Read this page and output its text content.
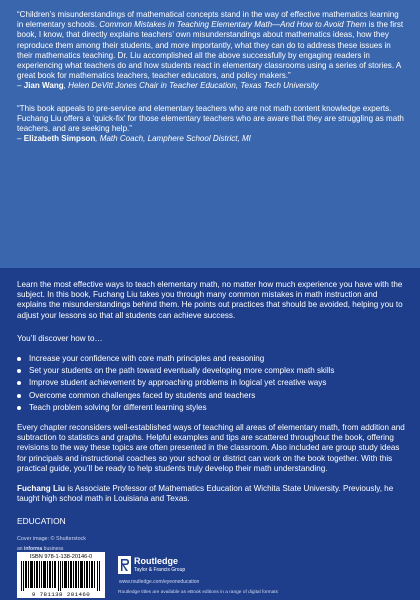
“Children’s misunderstandings of mathematical concepts stand in the way of effective mathematics learning in elementary schools. Common Mistakes in Teaching Elementary Math—And How to Avoid Them is the first book, I know, that directly explains teachers’ own misunderstandings about mathematics ideas, how they reproduce them among their students, and more importantly, what they can do to address these issues in their mathematics teaching. Dr. Liu accomplished all the above successfully by engaging readers in experiencing what teachers do and how students react in elementary classrooms using a series of stories. A great book for mathematics teachers, teacher educators, and policy makers.”
– Jian Wang, Helen DeVitt Jones Chair in Teacher Education, Texas Tech University

“This book appeals to pre-service and elementary teachers who are not math content knowledge experts. Fuchang Liu offers a ‘quick-fix’ for those elementary teachers who are aware that they are struggling as math teachers, and are seeking help.”
– Elizabeth Simpson, Math Coach, Lamphere School District, MI

Learn the most effective ways to teach elementary math, no matter how much experience you have with the subject. In this book, Fuchang Liu takes you through many common mistakes in math instruction and explains the misunderstandings behind them. He points out practices that should be avoided, helping you to adjust your lessons so that all students can achieve success.

You’ll discover how to…

Increase your confidence with core math principles and reasoning
Set your students on the path toward eventually developing more complex math skills
Improve student achievement by approaching problems in logical yet creative ways
Overcome common challenges faced by students and teachers
Teach problem solving for different learning styles

Every chapter reconsiders well-established ways of teaching all areas of elementary math, from addition and subtraction to statistics and graphs. Helpful examples and tips are scattered throughout the book, offering revisions to the way these topics are often presented in the classroom. Also included are group study ideas for principals and instructional coaches so your school or district can work on the book together. With this practical guide, you’ll be ready to help students truly develop their math understanding.

Fuchang Liu is Associate Professor of Mathematics Education at Wichita State University. Previously, he taught high school math in Louisiana and Texas.

EDUCATION

Cover image: © Shutterstock
an informa business
ISBN 978-1-138-20146-0
9 781138 201460
Routledge
Taylor & Francis Group
www.routledge.com/eyeoneducation
Routledge titles are available as eBook editions in a range of digital formats
